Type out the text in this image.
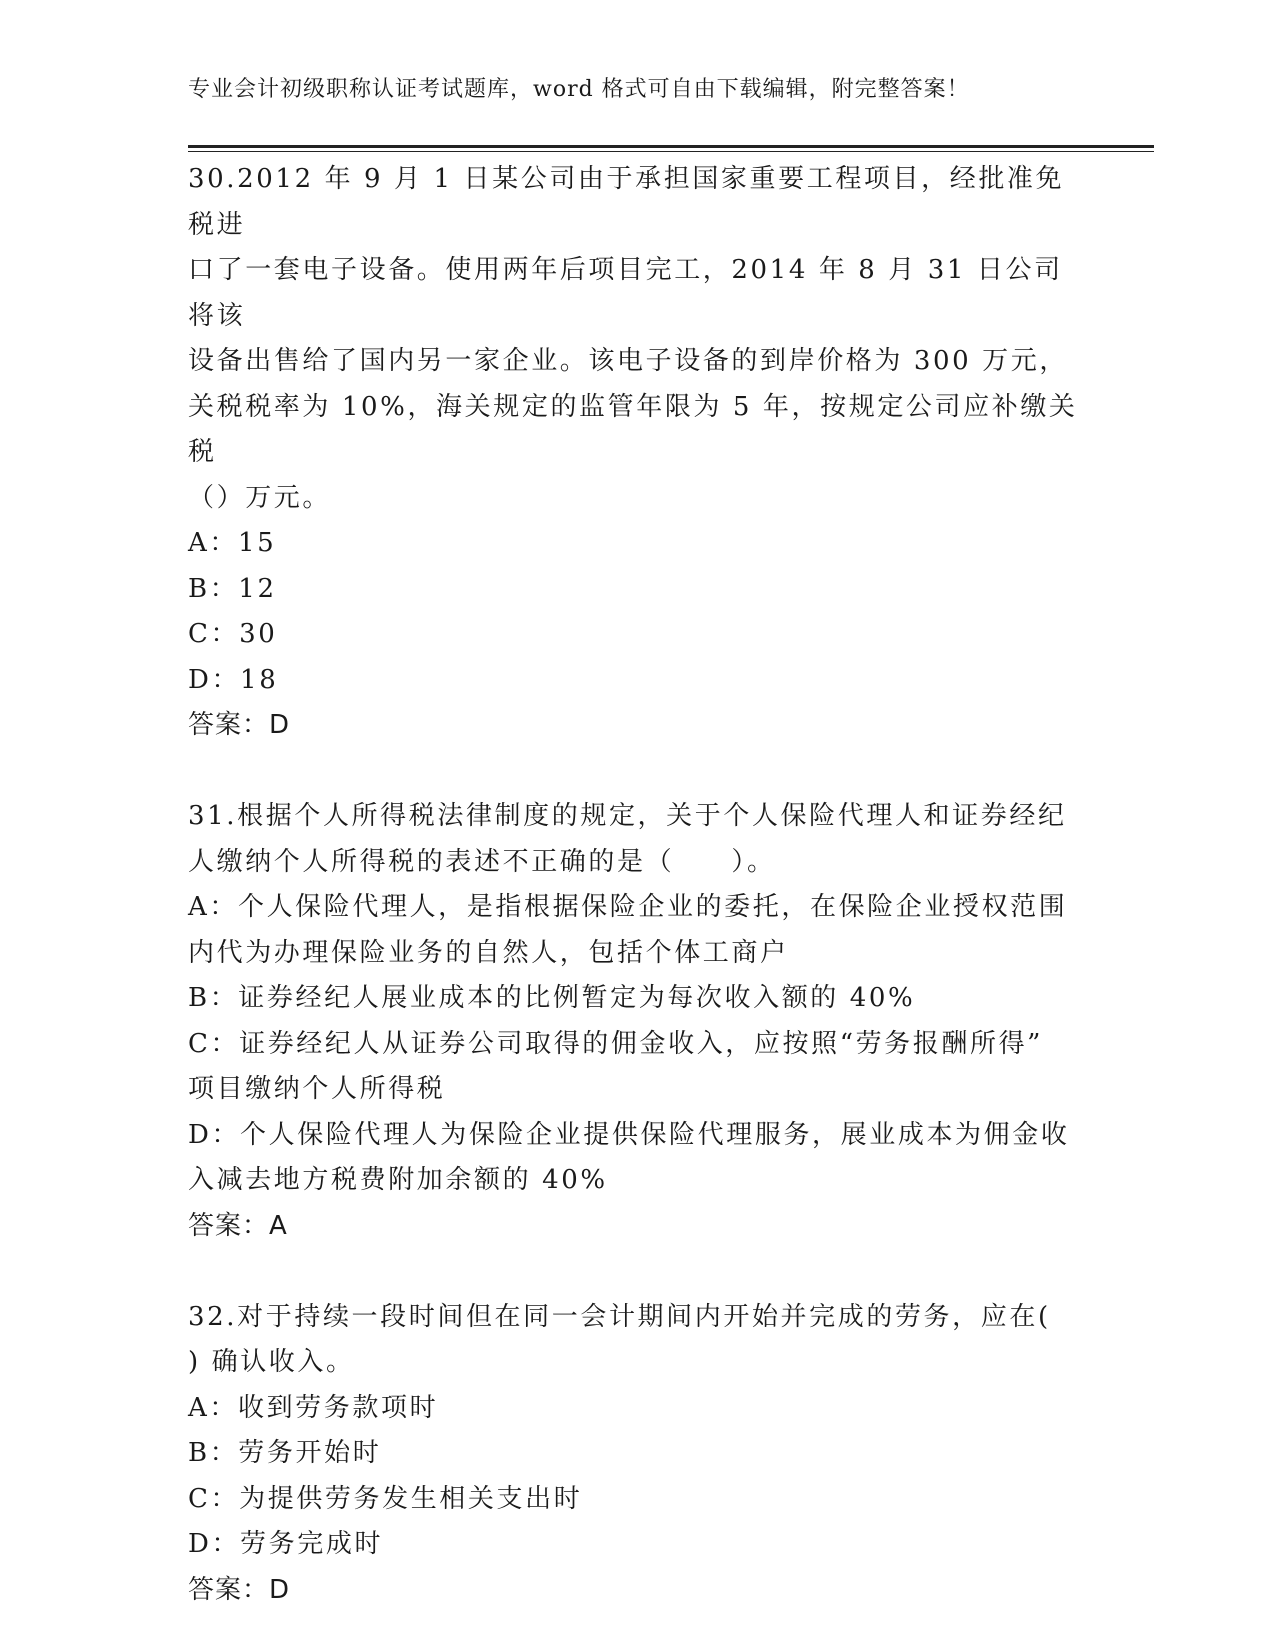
专业会计初级职称认证考试题库，word 格式可自由下载编辑，附完整答案！
30.2012 年 9 月 1 日某公司由于承担国家重要工程项目，经批准免税进
口了一套电子设备。使用两年后项目完工，2014 年 8 月 31 日公司将该
设备出售给了国内另一家企业。该电子设备的到岸价格为 300 万元，
关税税率为 10%，海关规定的监管年限为 5 年，按规定公司应补缴关税
（）万元。
A：15
B：12
C：30
D：18
答案：D
31.根据个人所得税法律制度的规定，关于个人保险代理人和证券经纪
人缴纳个人所得税的表述不正确的是（　　）。
A：个人保险代理人，是指根据保险企业的委托，在保险企业授权范围
内代为办理保险业务的自然人，包括个体工商户
B：证券经纪人展业成本的比例暂定为每次收入额的 40%
C：证券经纪人从证券公司取得的佣金收入，应按照“劳务报酬所得”
项目缴纳个人所得税
D：个人保险代理人为保险企业提供保险代理服务，展业成本为佣金收
入减去地方税费附加余额的 40%
答案：A
32.对于持续一段时间但在同一会计期间内开始并完成的劳务，应在(
) 确认收入。
A：收到劳务款项时
B：劳务开始时
C：为提供劳务发生相关支出时
D：劳务完成时
答案：D
